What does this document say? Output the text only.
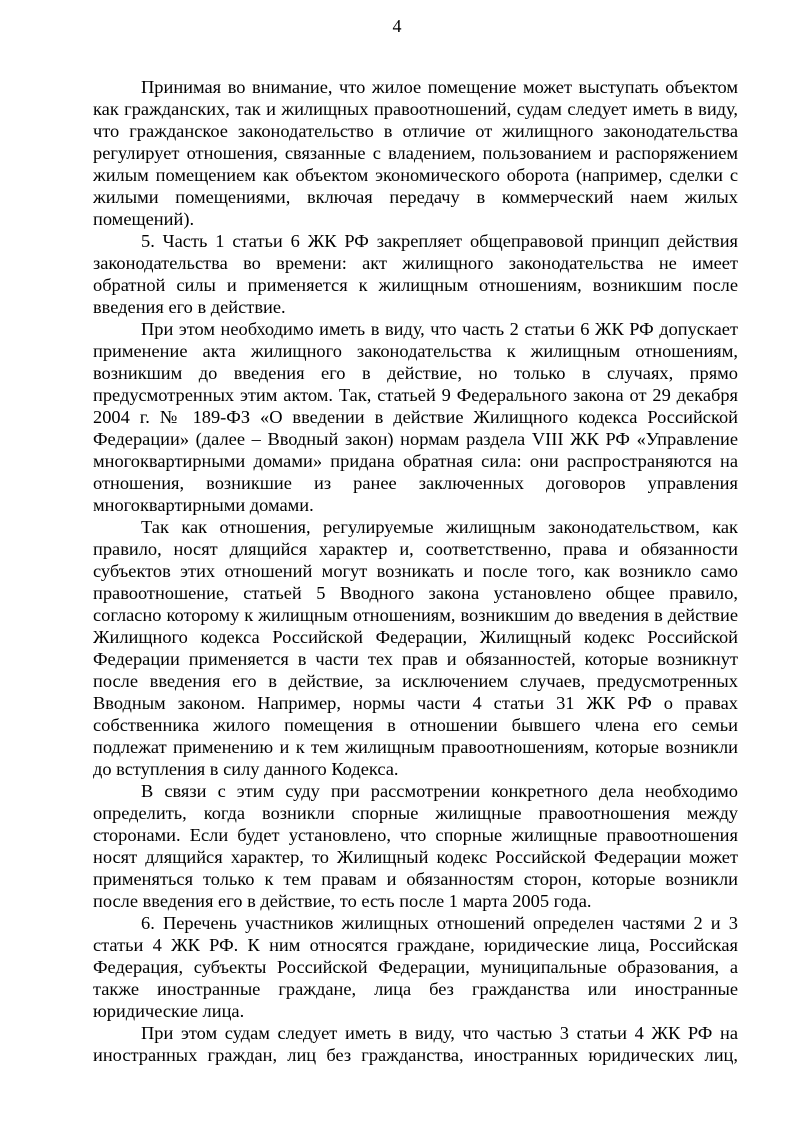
4

Принимая во внимание, что жилое помещение может выступать объектом как гражданских, так и жилищных правоотношений, судам следует иметь в виду, что гражданское законодательство в отличие от жилищного законодательства регулирует отношения, связанные с владением, пользованием и распоряжением жилым помещением как объектом экономического оборота (например, сделки с жилыми помещениями, включая передачу в коммерческий наем жилых помещений).

5. Часть 1 статьи 6 ЖК РФ закрепляет общеправовой принцип действия законодательства во времени: акт жилищного законодательства не имеет обратной силы и применяется к жилищным отношениям, возникшим после введения его в действие.

При этом необходимо иметь в виду, что часть 2 статьи 6 ЖК РФ допускает применение акта жилищного законодательства к жилищным отношениям, возникшим до введения его в действие, но только в случаях, прямо предусмотренных этим актом. Так, статьей 9 Федерального закона от 29 декабря 2004 г. № 189-ФЗ «О введении в действие Жилищного кодекса Российской Федерации» (далее – Вводный закон) нормам раздела VIII ЖК РФ «Управление многоквартирными домами» придана обратная сила: они распространяются на отношения, возникшие из ранее заключенных договоров управления многоквартирными домами.

Так как отношения, регулируемые жилищным законодательством, как правило, носят длящийся характер и, соответственно, права и обязанности субъектов этих отношений могут возникать и после того, как возникло само правоотношение, статьей 5 Вводного закона установлено общее правило, согласно которому к жилищным отношениям, возникшим до введения в действие Жилищного кодекса Российской Федерации, Жилищный кодекс Российской Федерации применяется в части тех прав и обязанностей, которые возникнут после введения его в действие, за исключением случаев, предусмотренных Вводным законом. Например, нормы части 4 статьи 31 ЖК РФ о правах собственника жилого помещения в отношении бывшего члена его семьи подлежат применению и к тем жилищным правоотношениям, которые возникли до вступления в силу данного Кодекса.

В связи с этим суду при рассмотрении конкретного дела необходимо определить, когда возникли спорные жилищные правоотношения между сторонами. Если будет установлено, что спорные жилищные правоотношения носят длящийся характер, то Жилищный кодекс Российской Федерации может применяться только к тем правам и обязанностям сторон, которые возникли после введения его в действие, то есть после 1 марта 2005 года.

6. Перечень участников жилищных отношений определен частями 2 и 3 статьи 4 ЖК РФ. К ним относятся граждане, юридические лица, Российская Федерация, субъекты Российской Федерации, муниципальные образования, а также иностранные граждане, лица без гражданства или иностранные юридические лица.

При этом судам следует иметь в виду, что частью 3 статьи 4 ЖК РФ на иностранных граждан, лиц без гражданства, иностранных юридических лиц,
